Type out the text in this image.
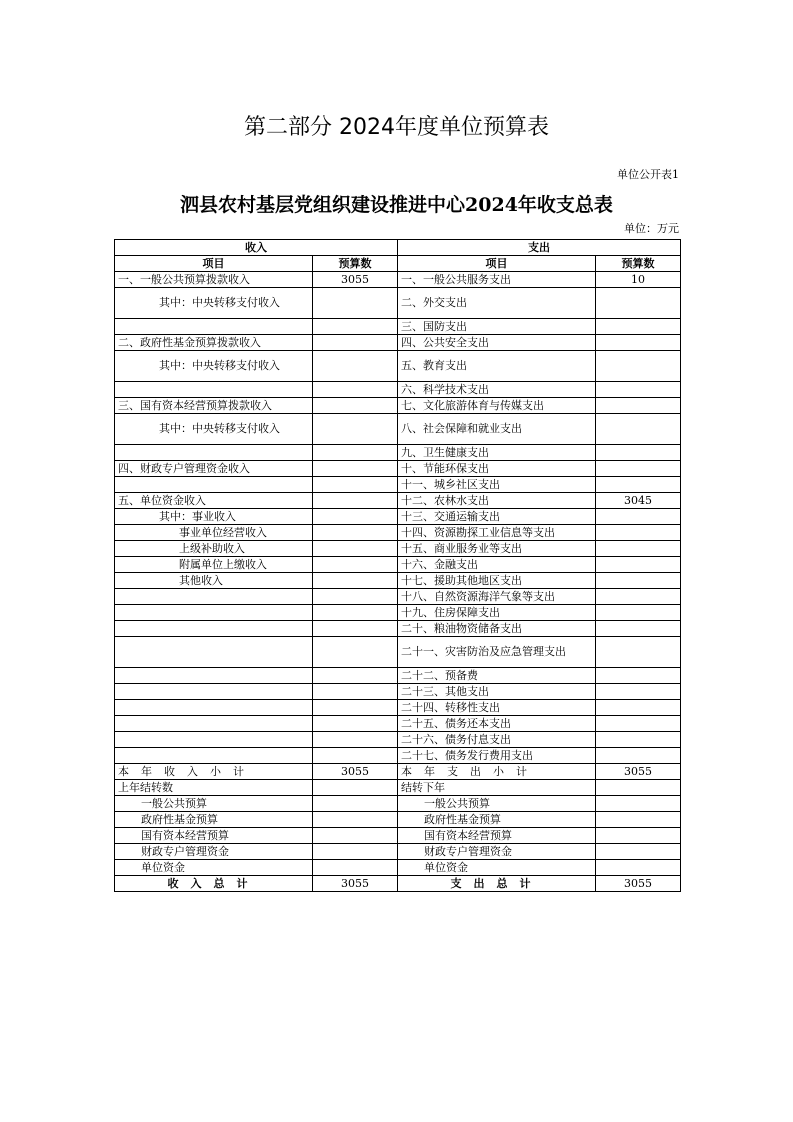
第二部分 2024年度单位预算表
单位公开表1
泗县农村基层党组织建设推进中心2024年收支总表
单位：万元
收入		支出	
项目	预算数	项目	预算数
一、一般公共预算拨款收入	3055	一、一般公共服务支出	10
其中：中央转移支付收入		二、外交支出	
		三、国防支出	
二、政府性基金预算拨款收入		四、公共安全支出	
其中：中央转移支付收入		五、教育支出	
		六、科学技术支出	
三、国有资本经营预算拨款收入		七、文化旅游体育与传媒支出	
其中：中央转移支付收入		八、社会保障和就业支出	
		九、卫生健康支出	
四、财政专户管理资金收入		十、节能环保支出	
		十一、城乡社区支出	
五、单位资金收入		十二、农林水支出	3045
其中：事业收入		十三、交通运输支出	
事业单位经营收入		十四、资源勘探工业信息等支出	
上级补助收入		十五、商业服务业等支出	
附属单位上缴收入		十六、金融支出	
其他收入		十七、援助其他地区支出	
		十八、自然资源海洋气象等支出	
		十九、住房保障支出	
		二十、粮油物资储备支出	
		二十一、灾害防治及应急管理支出	
		二十二、预备费	
		二十三、其他支出	
		二十四、转移性支出	
		二十五、债务还本支出	
		二十六、债务付息支出	
		二十七、债务发行费用支出	
本年收入小计	3055	本年支出小计	3055
上年结转数		结转下年	
一般公共预算		一般公共预算	
政府性基金预算		政府性基金预算	
国有资本经营预算		国有资本经营预算	
财政专户管理资金		财政专户管理资金	
单位资金		单位资金	
收入总计	3055	支出总计	3055
